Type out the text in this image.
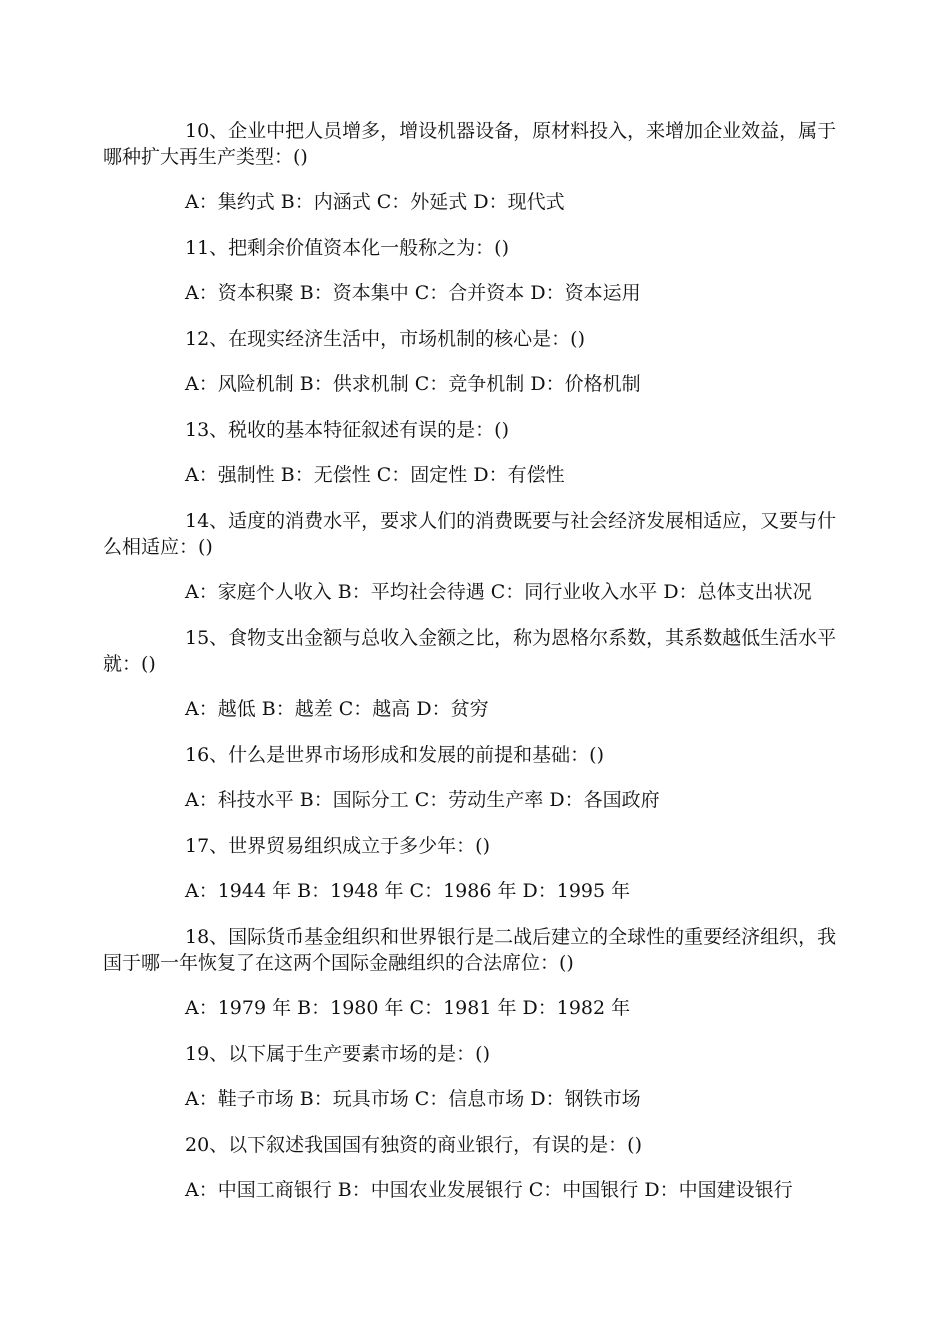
10、企业中把人员增多，增设机器设备，原材料投入，来增加企业效益，属于哪种扩大再生产类型：()

A：集约式 B：内涵式 C：外延式 D：现代式

11、把剩余价值资本化一般称之为：()

A：资本积聚 B：资本集中 C：合并资本 D：资本运用

12、在现实经济生活中，市场机制的核心是：()

A：风险机制 B：供求机制 C：竞争机制 D：价格机制

13、税收的基本特征叙述有误的是：()

A：强制性 B：无偿性 C：固定性 D：有偿性

14、适度的消费水平，要求人们的消费既要与社会经济发展相适应，又要与什么相适应：()

A：家庭个人收入 B：平均社会待遇 C：同行业收入水平 D：总体支出状况

15、食物支出金额与总收入金额之比，称为恩格尔系数，其系数越低生活水平就：()

A：越低 B：越差 C：越高 D：贫穷

16、什么是世界市场形成和发展的前提和基础：()

A：科技水平 B：国际分工 C：劳动生产率 D：各国政府

17、世界贸易组织成立于多少年：()

A：1944 年 B：1948 年 C：1986 年 D：1995 年

18、国际货币基金组织和世界银行是二战后建立的全球性的重要经济组织，我国于哪一年恢复了在这两个国际金融组织的合法席位：()

A：1979 年 B：1980 年 C：1981 年 D：1982 年

19、以下属于生产要素市场的是：()

A：鞋子市场 B：玩具市场 C：信息市场 D：钢铁市场

20、以下叙述我国国有独资的商业银行，有误的是：()

A：中国工商银行 B：中国农业发展银行 C：中国银行 D：中国建设银行
